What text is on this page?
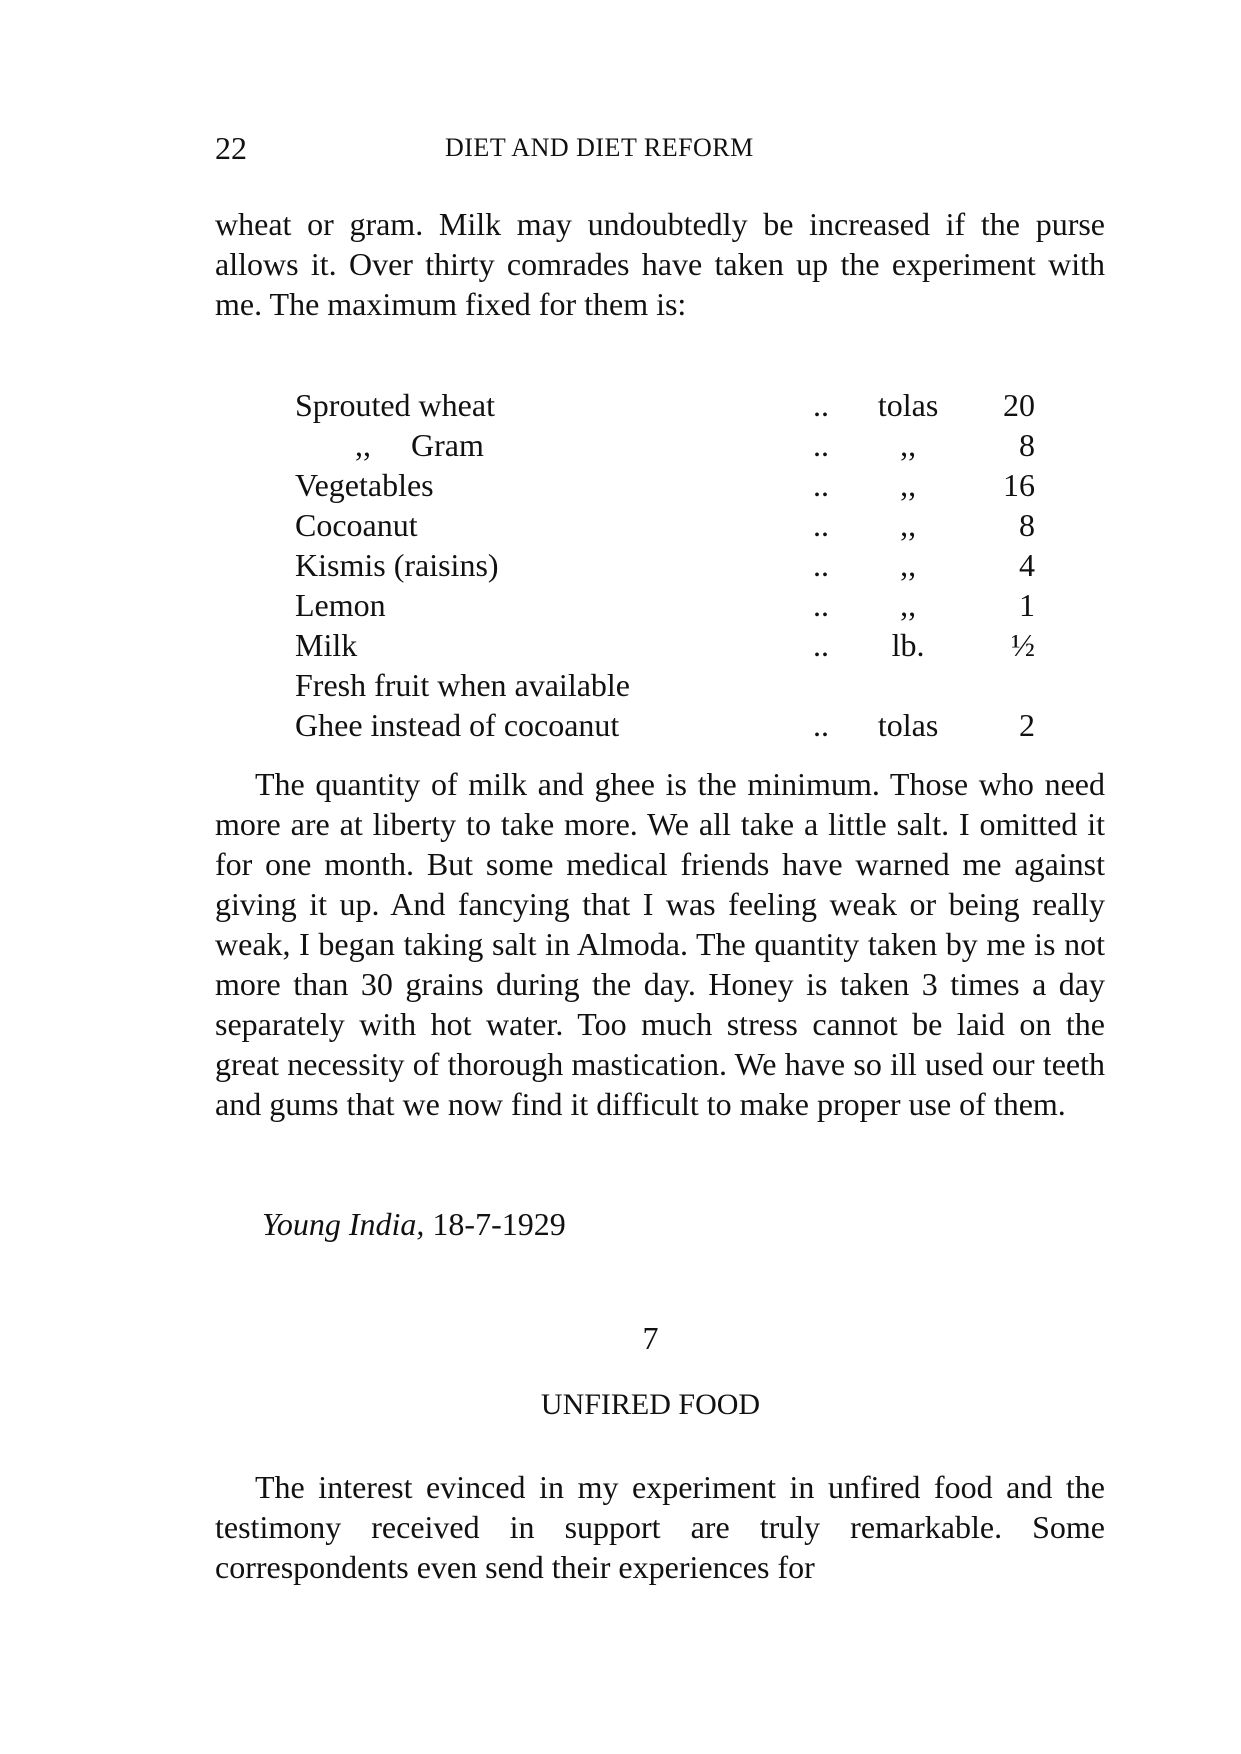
22	DIET AND DIET REFORM

wheat or gram. Milk may undoubtedly be increased if the purse allows it. Over thirty comrades have taken up the experiment with me. The maximum fixed for them is:

Sprouted wheat	..	tolas	20
,,     Gram	..	,,	8
Vegetables	..	,,	16
Cocoanut	..	,,	8
Kismis (raisins)	..	,,	4
Lemon	..	,,	1
Milk	..	lb.	½
Fresh fruit when available			
Ghee instead of cocoanut	..	tolas	2

The quantity of milk and ghee is the minimum. Those who need more are at liberty to take more. We all take a little salt. I omitted it for one month. But some medical friends have warned me against giving it up. And fancying that I was feeling weak or being really weak, I began taking salt in Almoda. The quantity taken by me is not more than 30 grains during the day. Honey is taken 3 times a day separately with hot water. Too much stress cannot be laid on the great necessity of thorough mastication. We have so ill used our teeth and gums that we now find it difficult to make proper use of them.

Young India, 18-7-1929
7
UNFIRED FOOD

The interest evinced in my experiment in unfired food and the testimony received in support are truly remarkable. Some correspondents even send their experiences for
